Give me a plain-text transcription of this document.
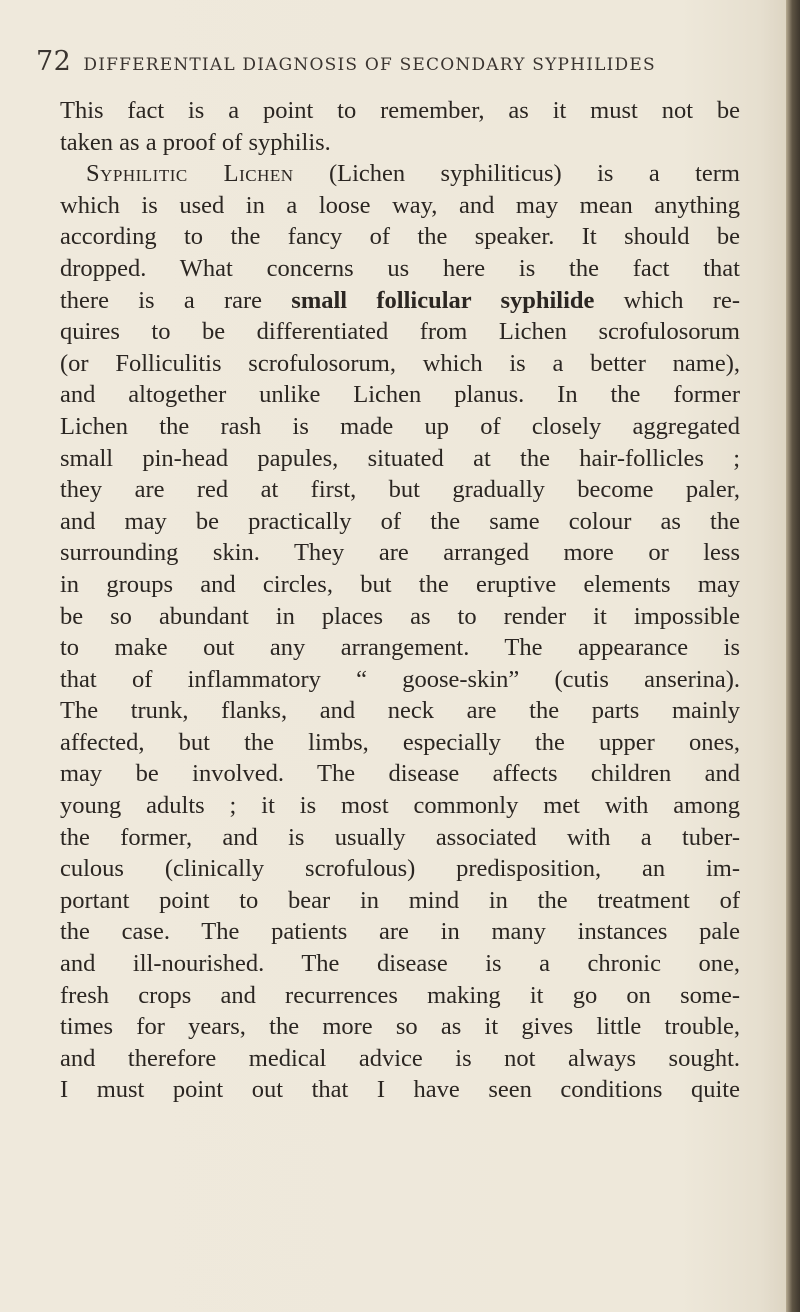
72 DIFFERENTIAL DIAGNOSIS OF SECONDARY SYPHILIDES
This fact is a point to remember, as it must not be
taken as a proof of syphilis.
Syphilitic Lichen (Lichen syphiliticus) is a term
which is used in a loose way, and may mean anything
according to the fancy of the speaker. It should be
dropped. What concerns us here is the fact that
there is a rare small follicular syphilide which re-
quires to be differentiated from Lichen scrofulosorum
(or Folliculitis scrofulosorum, which is a better name),
and altogether unlike Lichen planus. In the former
Lichen the rash is made up of closely aggregated
small pin-head papules, situated at the hair-follicles ;
they are red at first, but gradually become paler,
and may be practically of the same colour as the
surrounding skin. They are arranged more or less
in groups and circles, but the eruptive elements may
be so abundant in places as to render it impossible
to make out any arrangement. The appearance is
that of inflammatory “ goose-skin” (cutis anserina).
The trunk, flanks, and neck are the parts mainly
affected, but the limbs, especially the upper ones,
may be involved. The disease affects children and
young adults ; it is most commonly met with among
the former, and is usually associated with a tuber-
culous (clinically scrofulous) predisposition, an im-
portant point to bear in mind in the treatment of
the case. The patients are in many instances pale
and ill-nourished. The disease is a chronic one,
fresh crops and recurrences making it go on some-
times for years, the more so as it gives little trouble,
and therefore medical advice is not always sought.
I must point out that I have seen conditions quite
